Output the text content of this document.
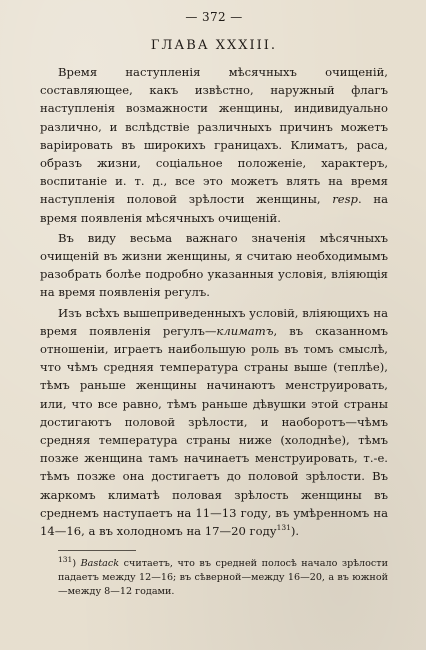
— 372 —
ГЛАВА XXXIII.

Время наступленія мѣсячныхъ очищеній, составляющее, какъ извѣстно, наружный флагъ наступленія возмажности женщины, индивидуально различно, и вслѣдствіе различныхъ причинъ можетъ варіировать въ широкихъ границахъ. Климатъ, раса, образъ жизни, соціальное положеніе, характеръ, воспитаніе и. т. д., все это можетъ влять на время наступленія половой зрѣлости женщины, resp. на время появленія мѣсячныхъ очищеній.

Въ виду весьма важнаго значенія мѣсячныхъ очищеній въ жизни женщины, я считаю необходимымъ разобрать болѣе подробно указанныя условія, вліяющія на время появленія регулъ.

Изъ всѣхъ вышеприведенныхъ условій, вліяющихъ на время появленія регулъ—климатъ, въ сказанномъ отношеніи, играетъ наибольшую роль въ томъ смыслѣ, что чѣмъ средняя температура страны выше (теплѣе), тѣмъ раньше женщины начинаютъ менструировать, или, что все равно, тѣмъ раньше дѣвушки этой страны достигаютъ половой зрѣлости, и наоборотъ—чѣмъ средняя температура страны ниже (холоднѣе), тѣмъ позже женщина тамъ начинаетъ менструировать, т.-е. тѣмъ позже она достигаетъ до половой зрѣлости. Въ жаркомъ климатѣ половая зрѣлость женщины въ среднемъ наступаетъ на 11—13 году, въ умѣренномъ на 14—16, а въ холодномъ на 17—20 году$^{131}$).

$^{131}$) Bastack считаетъ, что въ средней полосѣ начало зрѣлости падаетъ между 12—16; въ сѣверной—между 16—20, а въ южной—между 8—12 годами.
